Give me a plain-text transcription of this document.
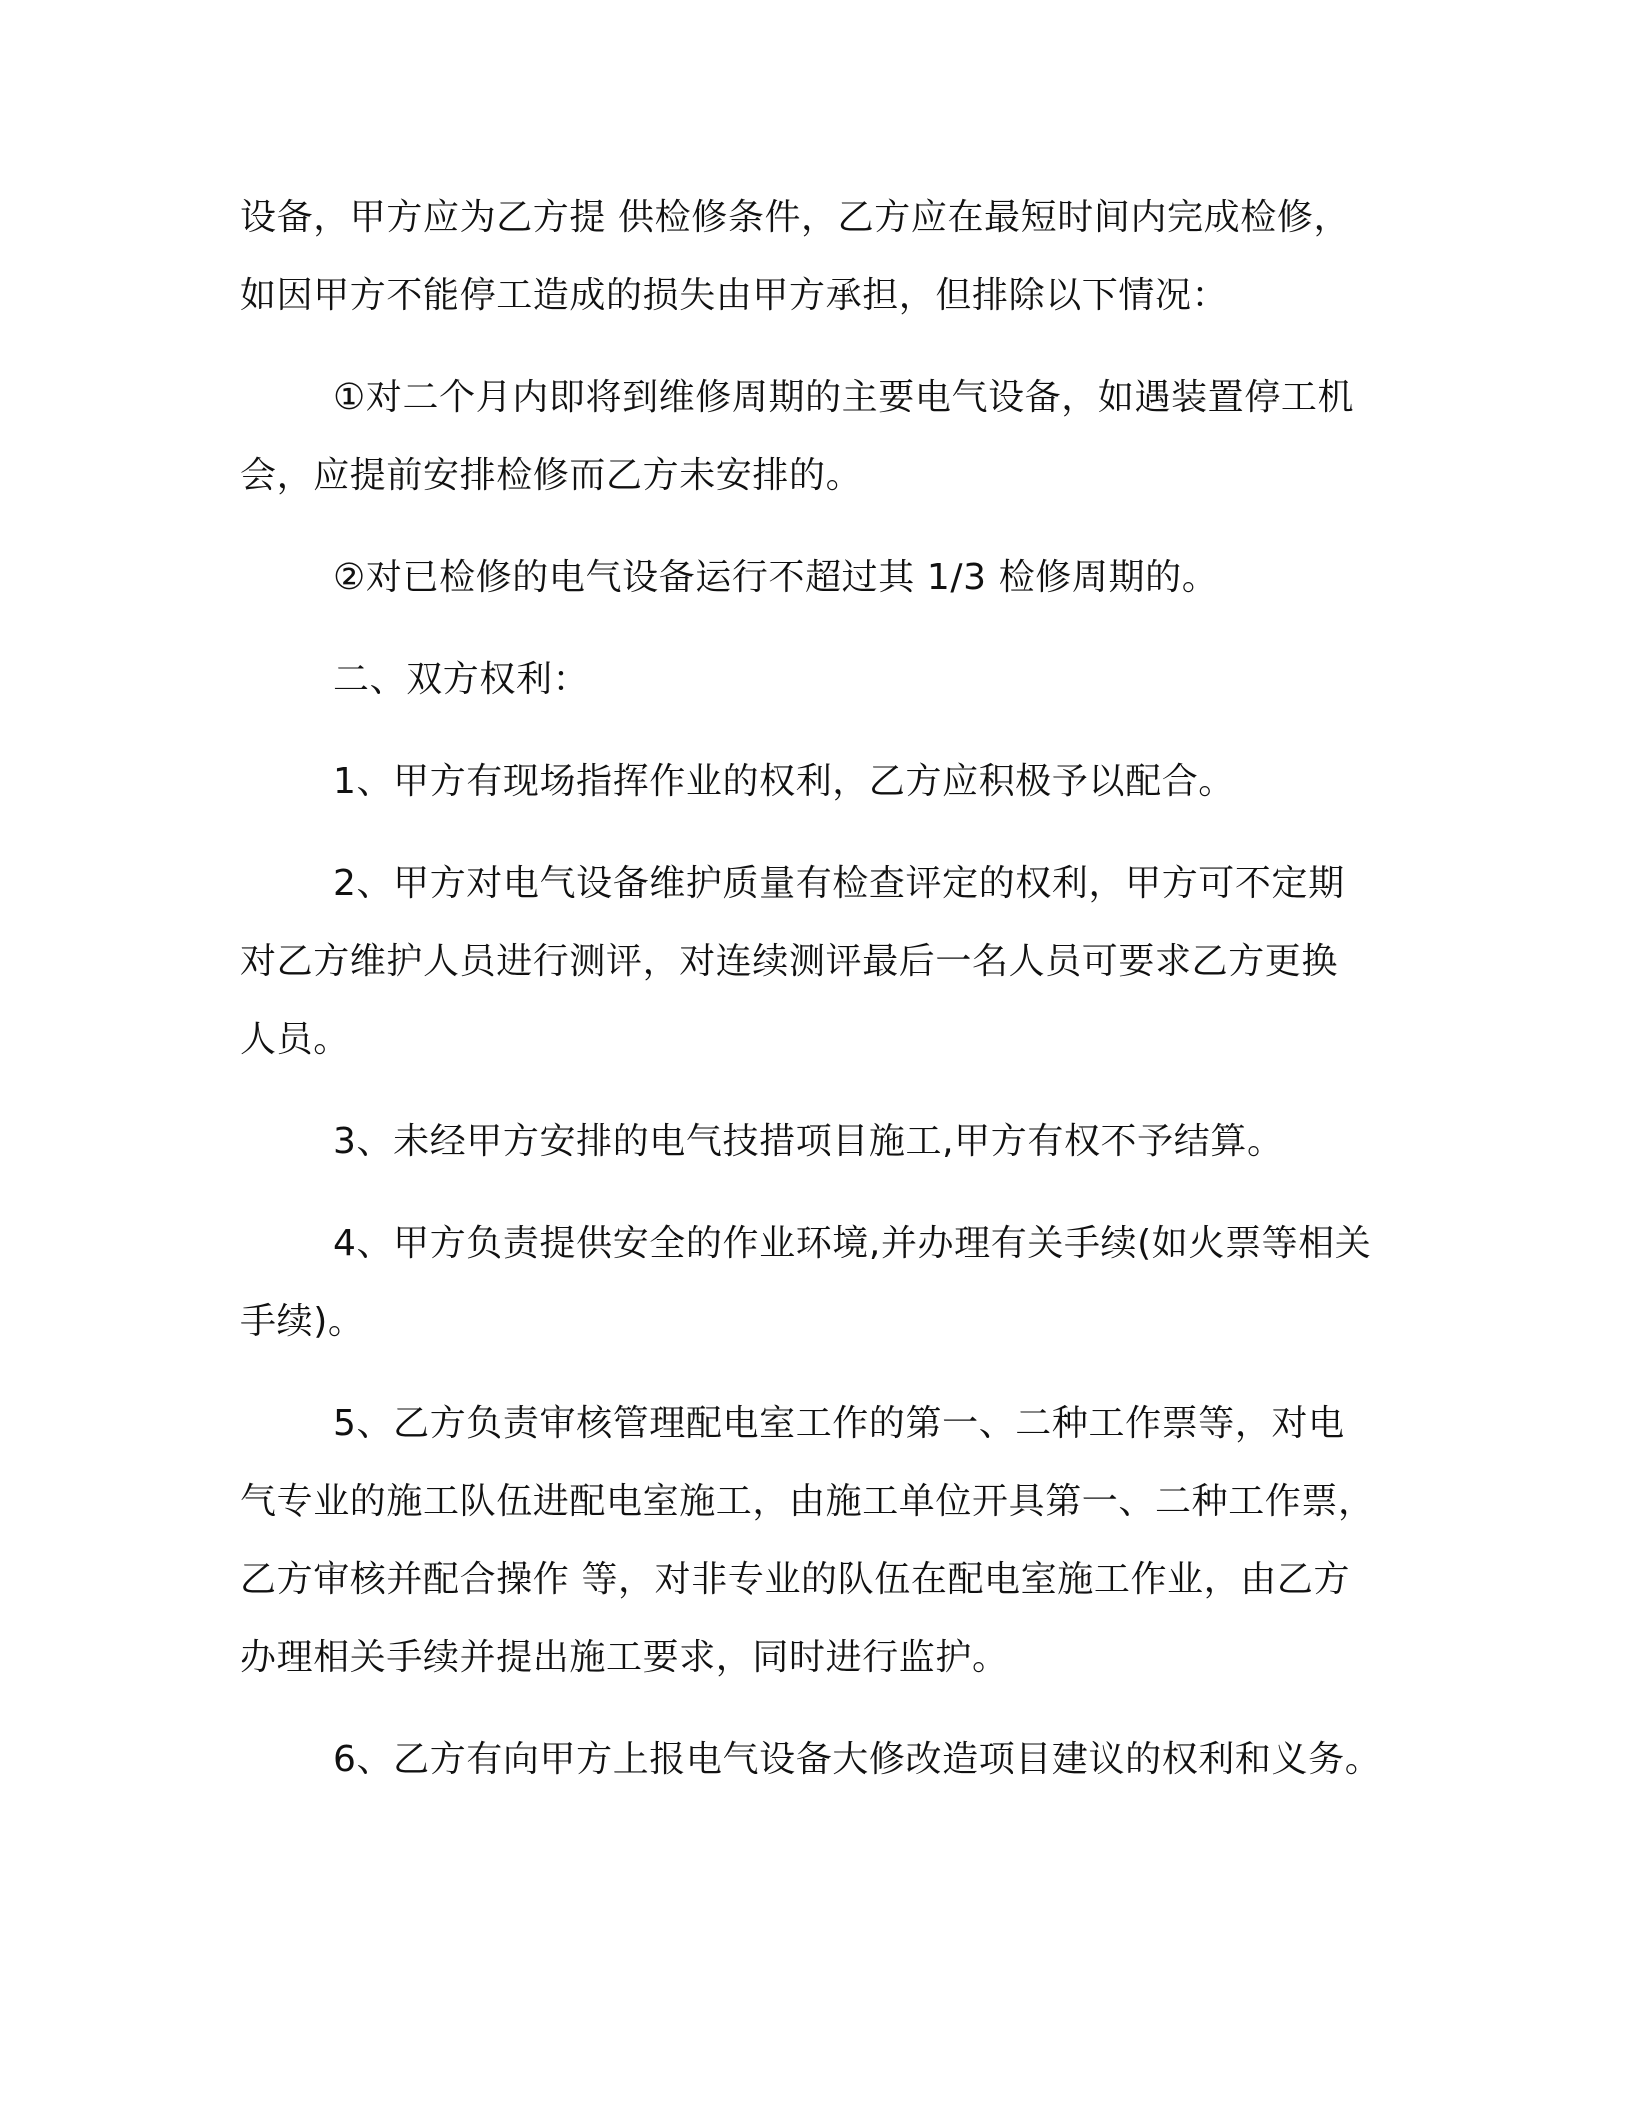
设备，甲方应为乙方提 供检修条件，乙方应在最短时间内完成检修，

如因甲方不能停工造成的损失由甲方承担，但排除以下情况：

①对二个月内即将到维修周期的主要电气设备，如遇装置停工机

会，应提前安排检修而乙方未安排的。

②对已检修的电气设备运行不超过其 1/3 检修周期的。

二、双方权利：

1、甲方有现场指挥作业的权利，乙方应积极予以配合。

2、甲方对电气设备维护质量有检查评定的权利，甲方可不定期

对乙方维护人员进行测评，对连续测评最后一名人员可要求乙方更换

人员。

3、未经甲方安排的电气技措项目施工,甲方有权不予结算。

4、甲方负责提供安全的作业环境,并办理有关手续(如火票等相关

手续)。

5、乙方负责审核管理配电室工作的第一、二种工作票等，对电

气专业的施工队伍进配电室施工，由施工单位开具第一、二种工作票，

乙方审核并配合操作 等，对非专业的队伍在配电室施工作业，由乙方

办理相关手续并提出施工要求，同时进行监护。

6、乙方有向甲方上报电气设备大修改造项目建议的权利和义务。
